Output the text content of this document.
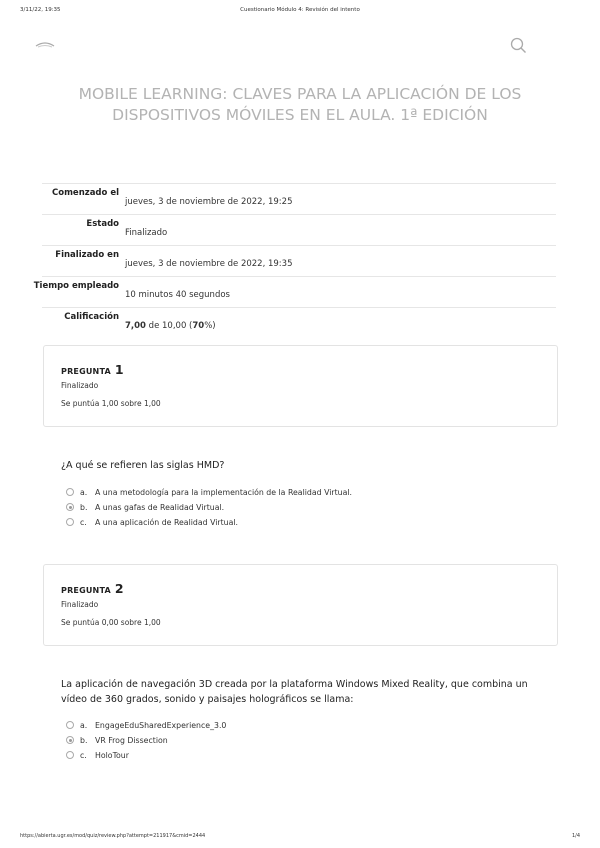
3/11/22, 19:35	Cuestionario Módulo 4: Revisión del intento
MOBILE LEARNING: CLAVES PARA LA APLICACIÓN DE LOS DISPOSITIVOS MÓVILES EN EL AULA. 1ª EDICIÓN
Comenzado el
jueves, 3 de noviembre de 2022, 19:25
Estado
Finalizado
Finalizado en
jueves, 3 de noviembre de 2022, 19:35
Tiempo empleado
10 minutos 40 segundos
Calificación
7,00 de 10,00 (70%)
PREGUNTA 1
Finalizado
Se puntúa 1,00 sobre 1,00
¿A qué se refieren las siglas HMD?
a. A una metodología para la implementación de la Realidad Virtual.
b. A unas gafas de Realidad Virtual.
c. A una aplicación de Realidad Virtual.
PREGUNTA 2
Finalizado
Se puntúa 0,00 sobre 1,00
La aplicación de navegación 3D creada por la plataforma Windows Mixed Reality, que combina un vídeo de 360 grados, sonido y paisajes holográficos se llama:
a. EngageEduSharedExperience_3.0
b. VR Frog Dissection
c. HoloTour
https://abierta.ugr.es/mod/quiz/review.php?attempt=211917&cmid=2444	1/4
